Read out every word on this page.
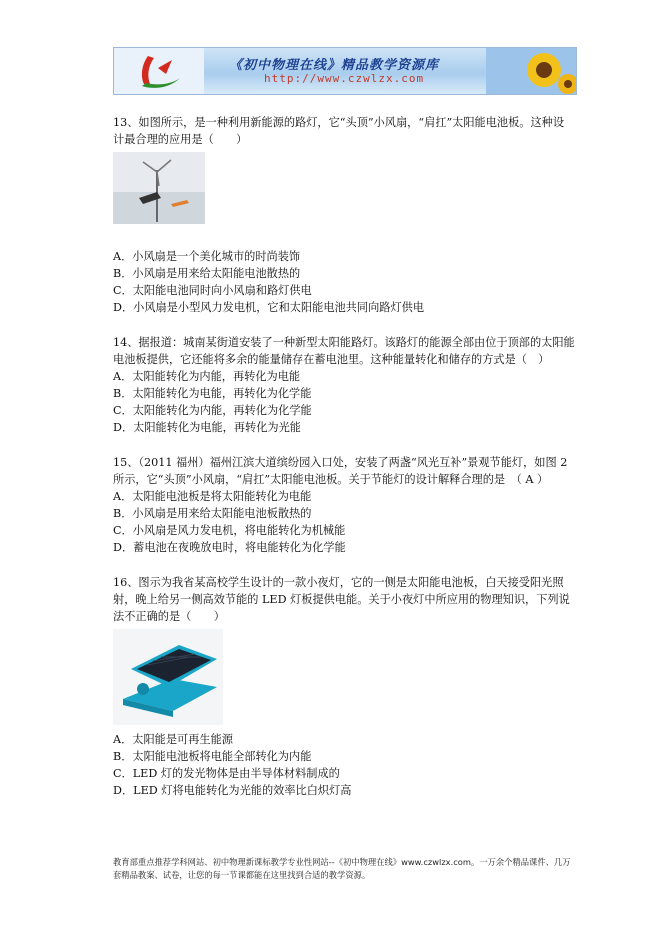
《初中物理在线》精品教学资源库
http://www.czwlzx.com

13、如图所示，是一种利用新能源的路灯，它“头顶”小风扇，“肩扛”太阳能电池板。这种设计最合理的应用是（　　）

A．小风扇是一个美化城市的时尚装饰

B．小风扇是用来给太阳能电池散热的

C．太阳能电池同时向小风扇和路灯供电

D．小风扇是小型风力发电机，它和太阳能电池共同向路灯供电

14、据报道：城南某街道安装了一种新型太阳能路灯。该路灯的能源全部由位于顶部的太阳能电池板提供，它还能将多余的能量储存在蓄电池里。这种能量转化和储存的方式是（　）

A．太阳能转化为内能，再转化为电能

B．太阳能转化为电能，再转化为化学能

C．太阳能转化为内能，再转化为化学能

D．太阳能转化为电能，再转化为光能

15、（2011 福州）福州江滨大道缤纷园入口处，安装了两盏“风光互补”景观节能灯，如图 2 所示，它“头顶”小风扇，“肩扛”太阳能电池板。关于节能灯的设计解释合理的是　（ A ）

A．太阳能电池板是将太阳能转化为电能

B．小风扇是用来给太阳能电池板散热的

C．小风扇是风力发电机，将电能转化为机械能

D．蓄电池在夜晚放电时，将电能转化为化学能

16、图示为我省某高校学生设计的一款小夜灯，它的一侧是太阳能电池板，白天接受阳光照射，晚上给另一侧高效节能的 LED 灯板提供电能。关于小夜灯中所应用的物理知识，下列说法不正确的是（　　）

A．太阳能是可再生能源

B．太阳能电池板将电能全部转化为内能

C．LED 灯的发光物体是由半导体材料制成的

D．LED 灯将电能转化为光能的效率比白炽灯高

教育部重点推荐学科网站、初中物理新课标教学专业性网站--《初中物理在线》www.czwlzx.com。一万余个精品课件、几万套精品教案、试卷，让您的每一节课都能在这里找到合适的教学资源。
